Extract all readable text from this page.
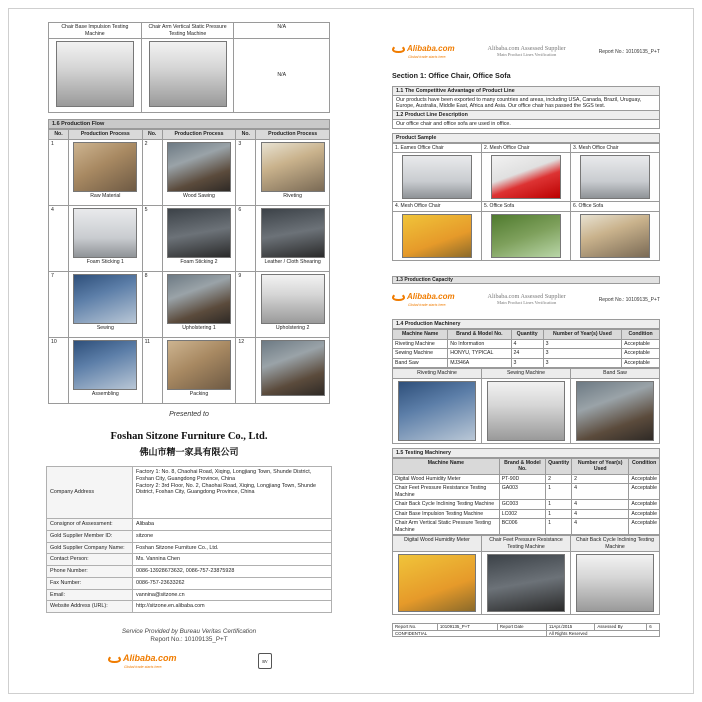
Chair Base Impulsion Testing Machine	Chair Arm Vertical Static Pressure Testing Machine	N/A

	N/A
1.6 Production Flow
No.	Production Process	No.	Production Process	No.	Production Process
1	Raw Material	2	Wood Sawing	3	Riveting

4	Foam Sticking 1	5	Foam Sticking 2	6	Leather / Cloth Shearing

7	Sewing	8	Upholstering 1	9	Upholstering 2

10	Assembling	11	Packing	12	
Presented to
Foshan Sitzone Furniture Co., Ltd.
佛山市精一家具有限公司
Company Address	Factory 1: No. 8, Chaohai Road, Xiqing, Longjiang Town, Shunde District, Foshan City, Guangdong Province, China
Factory 2: 3rd Floor, No. 2, Chaohai Road, Xiqing, Longjiang Town, Shunde District, Foshan City, Guangdong Province, China
Consignor of Assessment:	Alibaba
Gold Supplier Member ID:	sitzone
Gold Supplier Company Name:	Foshan Sitzone Furniture Co., Ltd.
Contact Person:	Ms. Vannina Chen
Phone Number:	0086-13928673632, 0086-757-23875928
Fax Number:	0086-757-23633262
Email:	vannina@sitzone.cn
Website Address (URL):	http://sitzone.en.alibaba.com
Service Provided by Bureau Veritas Certification
Report No.: 10109135_P+T
Alibaba.com
Global trade starts here.
BV
Alibaba.com
Global trade starts here.
Alibaba.com Assessed Supplier
Main Product Lines Verification
Report No.: 10109135_P+T
Section 1: Office Chair, Office Sofa
1.1 The Competitive Advantage of Product Line
Our products have been exported to many countries and areas, including USA, Canada, Brazil, Uruguay, Europe, Australia, Middle East, Africa and Asia. Our office chair has passed the SGS test.
1.2 Product Line Description
Our office chair and office sofa are used in office.
Product Sample
1. Eames Office Chair	2. Mesh Office Chair	3. Mesh Office Chair

4. Mesh Office Chair	5. Office Sofa	6. Office Sofa

1.3 Production Capacity
Alibaba.com
Global trade starts here.
Alibaba.com Assessed Supplier
Main Product Lines Verification
Report No.: 10109135_P+T
1.4 Production Machinery
Machine Name	Brand & Model No.	Quantity	Number of Year(s) Used	Condition
Riveting Machine	No Information	4	3	Acceptable
Sewing Machine	HONYU, TYPICAL	24	3	Acceptable
Band Saw	MJ346A	3	3	Acceptable
Riveting Machine	Sewing Machine	Band Saw

1.5 Testing Machinery
Machine Name	Brand & Model No.	Quantity	Number of Year(s) Used	Condition
Digital Wood Humidity Meter	PT-90D	2	2	Acceptable
Chair Feet Pressure Resistance Testing Machine	GA003	1	4	Acceptable
Chair Back Cycle Inclining Testing Machine	GC003	1	4	Acceptable
Chair Base Impulsion Testing Machine	LC002	1	4	Acceptable
Chair Arm Vertical Static Pressure Testing Machine	BC006	1	4	Acceptable
Digital Wood Humidity Meter	Chair Feet Pressure Resistance Testing Machine	Chair Back Cycle Inclining Testing Machine

Report No.	10109135_P+T	Report Date	11Apr./2015	Assessed By	6
CONFIDENTIAL			All Rights Reserved		
